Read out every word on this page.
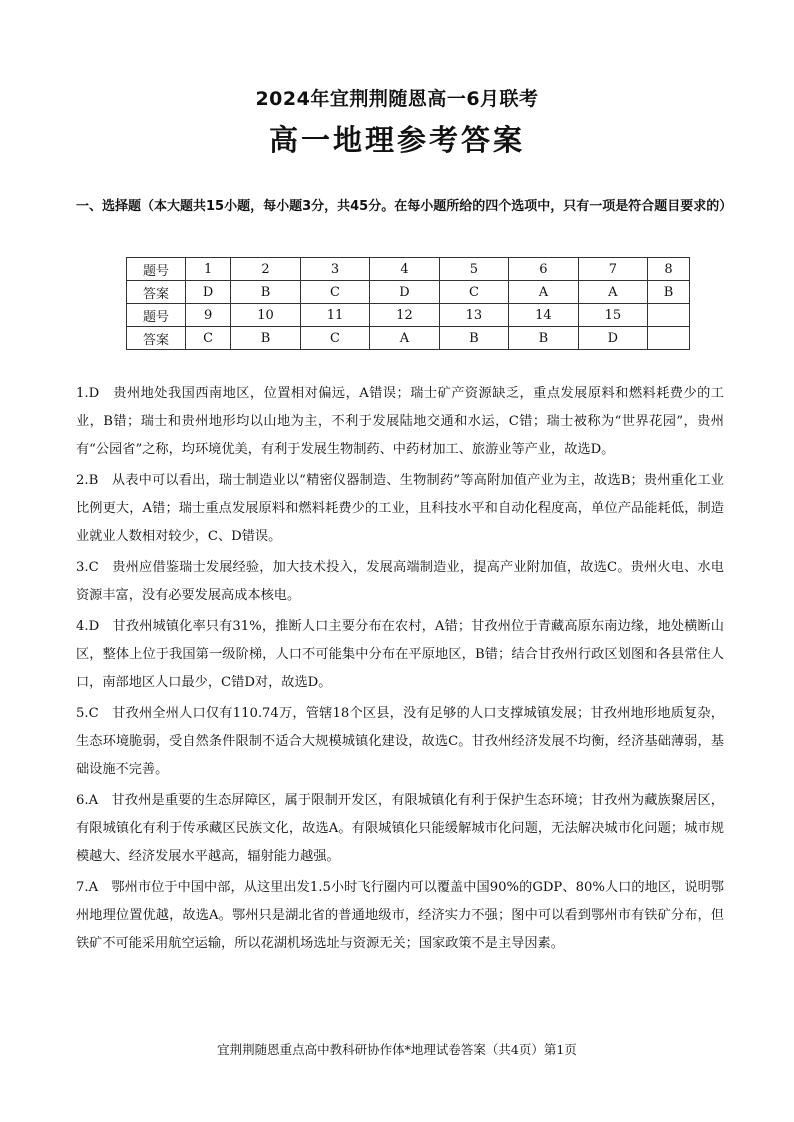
2024年宜荆荆随恩高一6月联考
高一地理参考答案
一、选择题（本大题共15小题，每小题3分，共45分。在每小题所给的四个选项中，只有一项是符合题目要求的）
题号	1	2	3	4	5	6	7	8
答案	D	B	C	D	C	A	A	B
题号	9	10	11	12	13	14	15	
答案	C	B	C	A	B	B	D	

1.D　贵州地处我国西南地区，位置相对偏远，A错误；瑞士矿产资源缺乏，重点发展原料和燃料耗费少的工业，B错；瑞士和贵州地形均以山地为主，不利于发展陆地交通和水运，C错；瑞士被称为“世界花园”，贵州有“公园省”之称，均环境优美，有利于发展生物制药、中药材加工、旅游业等产业，故选D。

2.B　从表中可以看出，瑞士制造业以“精密仪器制造、生物制药”等高附加值产业为主，故选B；贵州重化工业比例更大，A错；瑞士重点发展原料和燃料耗费少的工业，且科技水平和自动化程度高，单位产品能耗低，制造业就业人数相对较少，C、D错误。

3.C　贵州应借鉴瑞士发展经验，加大技术投入，发展高端制造业，提高产业附加值，故选C。贵州火电、水电资源丰富，没有必要发展高成本核电。

4.D　甘孜州城镇化率只有31%，推断人口主要分布在农村，A错；甘孜州位于青藏高原东南边缘，地处横断山区，整体上位于我国第一级阶梯，人口不可能集中分布在平原地区，B错；结合甘孜州行政区划图和各县常住人口，南部地区人口最少，C错D对，故选D。

5.C　甘孜州全州人口仅有110.74万，管辖18个区县，没有足够的人口支撑城镇发展；甘孜州地形地质复杂，生态环境脆弱，受自然条件限制不适合大规模城镇化建设，故选C。甘孜州经济发展不均衡，经济基础薄弱，基础设施不完善。

6.A　甘孜州是重要的生态屏障区，属于限制开发区，有限城镇化有利于保护生态环境；甘孜州为藏族聚居区，有限城镇化有利于传承藏区民族文化，故选A。有限城镇化只能缓解城市化问题，无法解决城市化问题；城市规模越大、经济发展水平越高，辐射能力越强。

7.A　鄂州市位于中国中部，从这里出发1.5小时飞行圈内可以覆盖中国90%的GDP、80%人口的地区，说明鄂州地理位置优越，故选A。鄂州只是湖北省的普通地级市，经济实力不强；图中可以看到鄂州市有铁矿分布，但铁矿不可能采用航空运输，所以花湖机场选址与资源无关；国家政策不是主导因素。

宜荆荆随恩重点高中教科研协作体*地理试卷答案（共4页）第1页
